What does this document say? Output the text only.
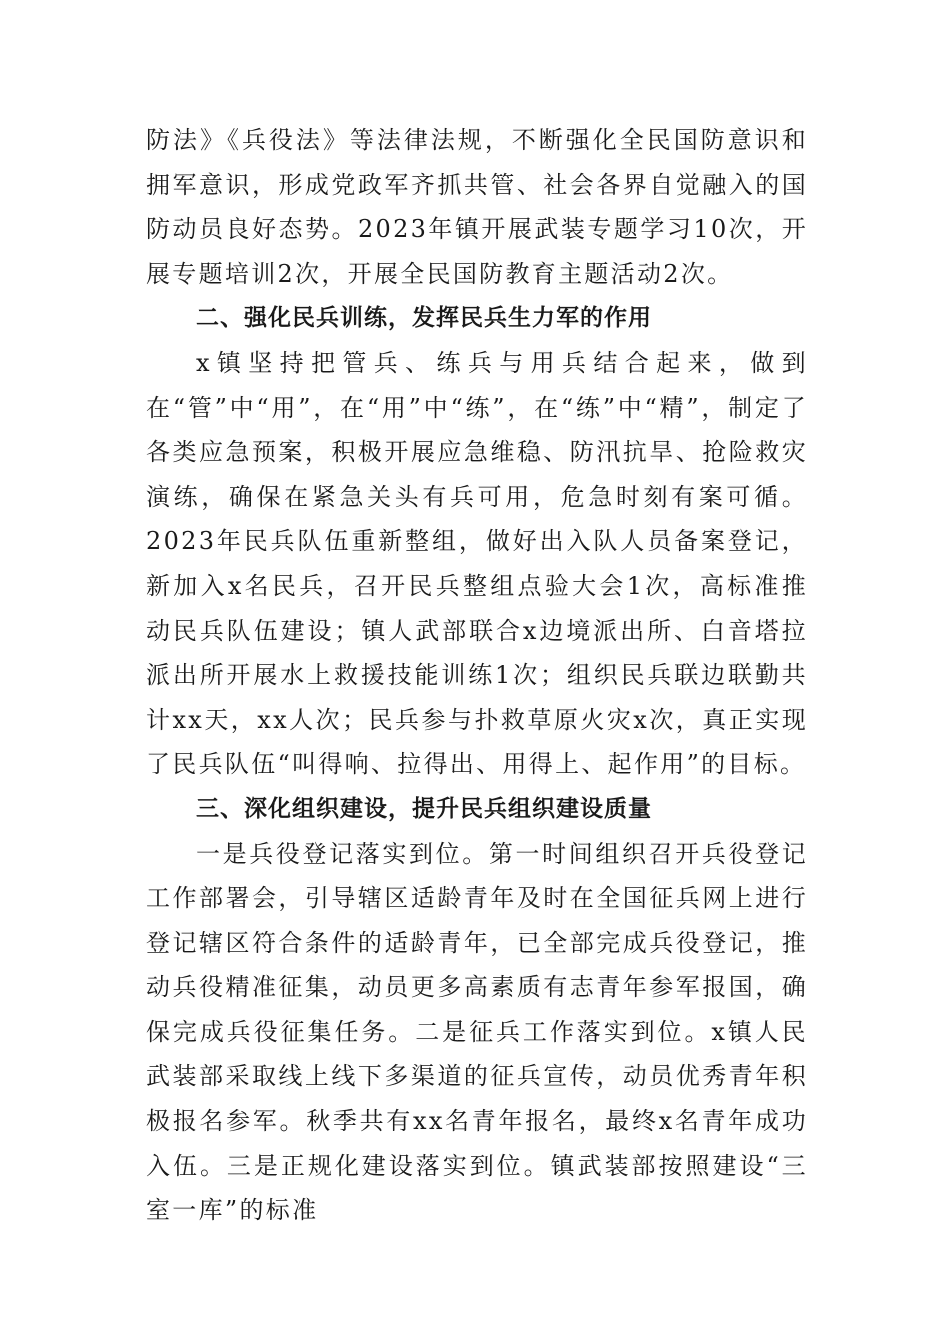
防法》《兵役法》等法律法规，不断强化全民国防意识和拥军意识，形成党政军齐抓共管、社会各界自觉融入的国防动员良好态势。2023年镇开展武装专题学习10次，开展专题培训2次，开展全民国防教育主题活动2次。

二、强化民兵训练，发挥民兵生力军的作用

x镇坚持把管兵、练兵与用兵结合起来，做到在“管”中“用”，在“用”中“练”，在“练”中“精”，制定了各类应急预案，积极开展应急维稳、防汛抗旱、抢险救灾演练，确保在紧急关头有兵可用，危急时刻有案可循。2023年民兵队伍重新整组，做好出入队人员备案登记，新加入x名民兵，召开民兵整组点验大会1次，高标准推动民兵队伍建设；镇人武部联合x边境派出所、白音塔拉派出所开展水上救援技能训练1次；组织民兵联边联勤共计xx天，xx人次；民兵参与扑救草原火灾x次，真正实现了民兵队伍“叫得响、拉得出、用得上、起作用”的目标。

三、深化组织建设，提升民兵组织建设质量

一是兵役登记落实到位。第一时间组织召开兵役登记工作部署会，引导辖区适龄青年及时在全国征兵网上进行登记辖区符合条件的适龄青年，已全部完成兵役登记，推动兵役精准征集，动员更多高素质有志青年参军报国，确保完成兵役征集任务。二是征兵工作落实到位。x镇人民武装部采取线上线下多渠道的征兵宣传，动员优秀青年积极报名参军。秋季共有xx名青年报名，最终x名青年成功入伍。三是正规化建设落实到位。镇武装部按照建设“三室一库”的标准
